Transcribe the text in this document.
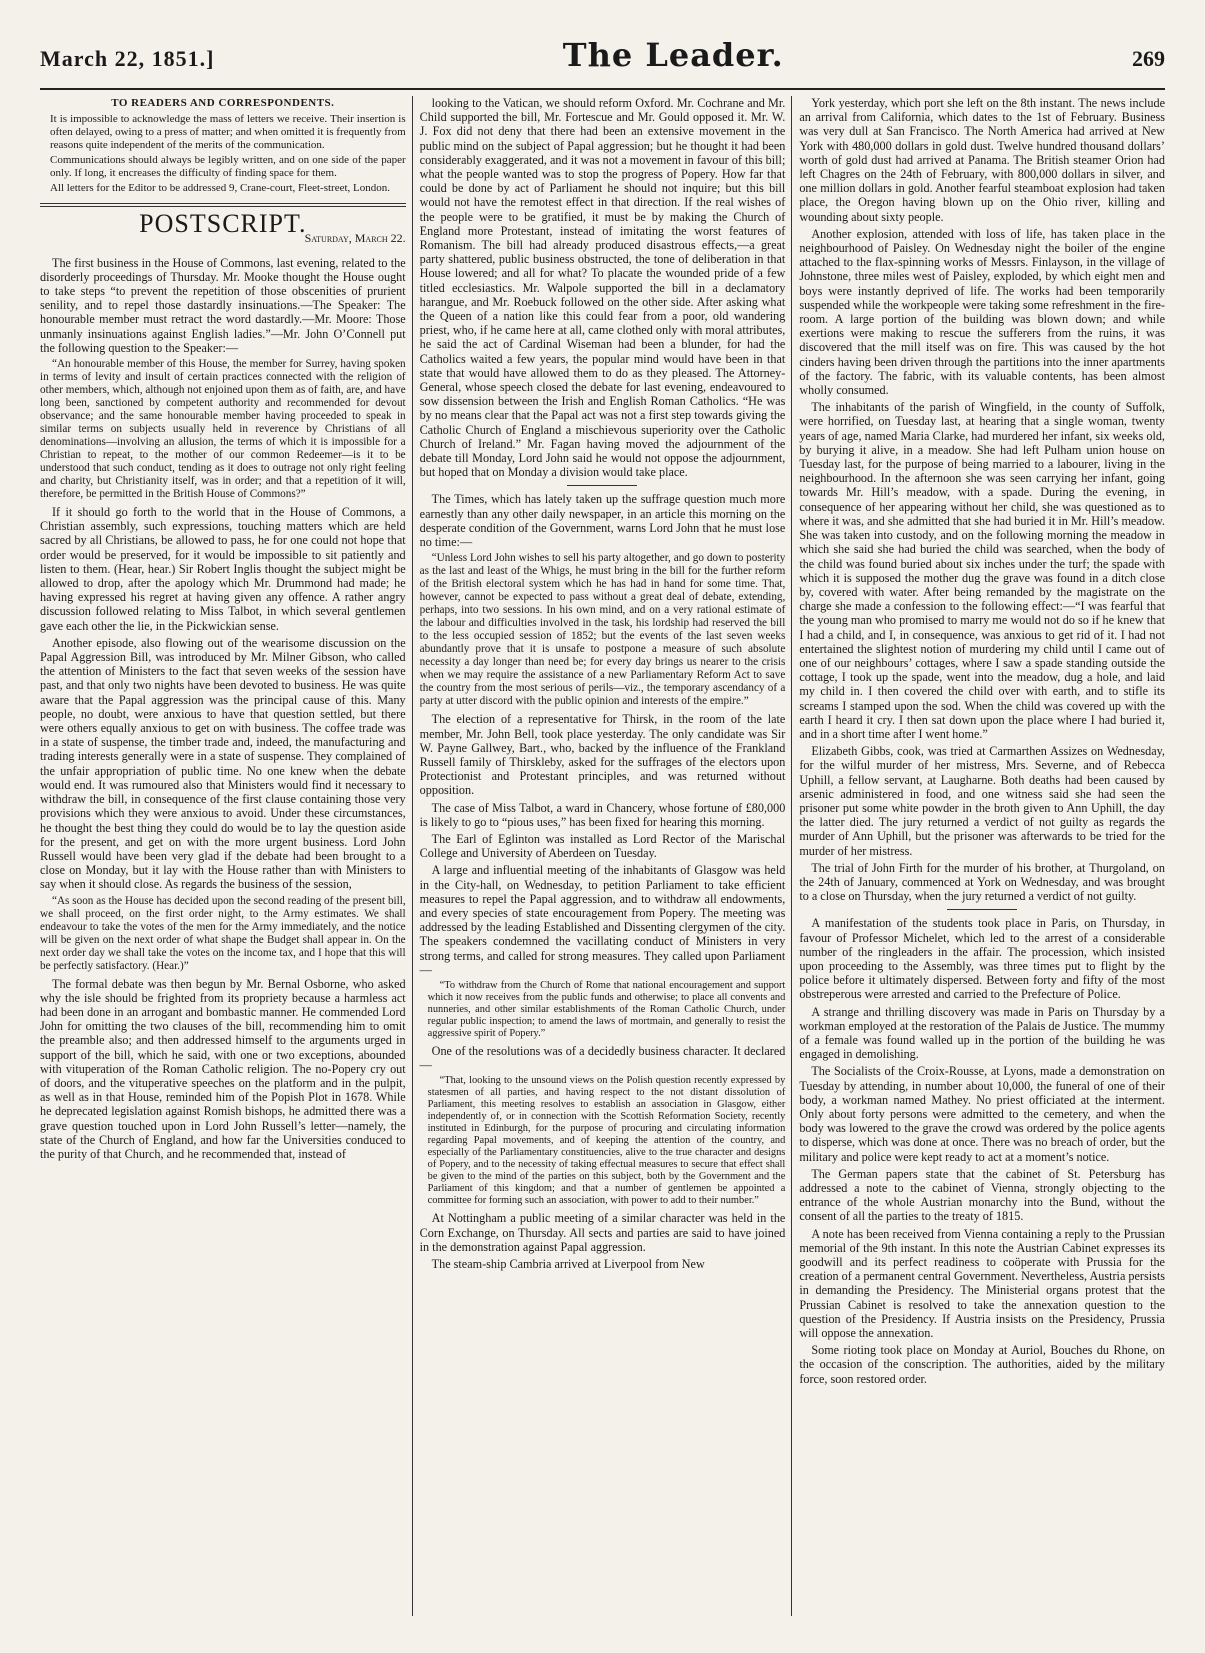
March 22, 1851.]	The Leader.	269

TO READERS AND CORRESPONDENTS.

It is impossible to acknowledge the mass of letters we receive. Their insertion is often delayed, owing to a press of matter; and when omitted it is frequently from reasons quite independent of the merits of the communication.

Communications should always be legibly written, and on one side of the paper only. If long, it encreases the difficulty of finding space for them.

All letters for the Editor to be addressed 9, Crane-court, Fleet-street, London.

POSTSCRIPT.

Saturday, March 22.

The first business in the House of Commons, last evening, related to the disorderly proceedings of Thursday. Mr. Mooke thought the House ought to take steps “to prevent the repetition of those obscenities of prurient senility, and to repel those dastardly insinuations.—The Speaker: The honourable member must retract the word dastardly.—Mr. Moore: Those unmanly insinuations against English ladies.”—Mr. John O’Connell put the following question to the Speaker:—

“An honourable member of this House, the member for Surrey, having spoken in terms of levity and insult of certain practices connected with the religion of other members, which, although not enjoined upon them as of faith, are, and have long been, sanctioned by competent authority and recommended for devout observance; and the same honourable member having proceeded to speak in similar terms on subjects usually held in reverence by Christians of all denominations—involving an allusion, the terms of which it is impossible for a Christian to repeat, to the mother of our common Redeemer—is it to be understood that such conduct, tending as it does to outrage not only right feeling and charity, but Christianity itself, was in order; and that a repetition of it will, therefore, be permitted in the British House of Commons?”

If it should go forth to the world that in the House of Commons, a Christian assembly, such expressions, touching matters which are held sacred by all Christians, be allowed to pass, he for one could not hope that order would be preserved, for it would be impossible to sit patiently and listen to them. (Hear, hear.) Sir Robert Inglis thought the subject might be allowed to drop, after the apology which Mr. Drummond had made; he having expressed his regret at having given any offence. A rather angry discussion followed relating to Miss Talbot, in which several gentlemen gave each other the lie, in the Pickwickian sense.

Another episode, also flowing out of the wearisome discussion on the Papal Aggression Bill, was introduced by Mr. Milner Gibson, who called the attention of Ministers to the fact that seven weeks of the session have past, and that only two nights have been devoted to business. He was quite aware that the Papal aggression was the principal cause of this. Many people, no doubt, were anxious to have that question settled, but there were others equally anxious to get on with business. The coffee trade was in a state of suspense, the timber trade and, indeed, the manufacturing and trading interests generally were in a state of suspense. They complained of the unfair appropriation of public time. No one knew when the debate would end. It was rumoured also that Ministers would find it necessary to withdraw the bill, in consequence of the first clause containing those very provisions which they were anxious to avoid. Under these circumstances, he thought the best thing they could do would be to lay the question aside for the present, and get on with the more urgent business. Lord John Russell would have been very glad if the debate had been brought to a close on Monday, but it lay with the House rather than with Ministers to say when it should close. As regards the business of the session,

“As soon as the House has decided upon the second reading of the present bill, we shall proceed, on the first order night, to the Army estimates. We shall endeavour to take the votes of the men for the Army immediately, and the notice will be given on the next order of what shape the Budget shall appear in. On the next order day we shall take the votes on the income tax, and I hope that this will be perfectly satisfactory. (Hear.)”

The formal debate was then begun by Mr. Bernal Osborne, who asked why the isle should be frighted from its propriety because a harmless act had been done in an arrogant and bombastic manner. He commended Lord John for omitting the two clauses of the bill, recommending him to omit the preamble also; and then addressed himself to the arguments urged in support of the bill, which he said, with one or two exceptions, abounded with vituperation of the Roman Catholic religion. The no-Popery cry out of doors, and the vituperative speeches on the platform and in the pulpit, as well as in that House, reminded him of the Popish Plot in 1678. While he deprecated legislation against Romish bishops, he admitted there was a grave question touched upon in Lord John Russell’s letter—namely, the state of the Church of England, and how far the Universities conduced to the purity of that Church, and he recommended that, instead of

looking to the Vatican, we should reform Oxford. Mr. Cochrane and Mr. Child supported the bill, Mr. Fortescue and Mr. Gould opposed it. Mr. W. J. Fox did not deny that there had been an extensive movement in the public mind on the subject of Papal aggression; but he thought it had been considerably exaggerated, and it was not a movement in favour of this bill; what the people wanted was to stop the progress of Popery. How far that could be done by act of Parliament he should not inquire; but this bill would not have the remotest effect in that direction. If the real wishes of the people were to be gratified, it must be by making the Church of England more Protestant, instead of imitating the worst features of Romanism. The bill had already produced disastrous effects,—a great party shattered, public business obstructed, the tone of deliberation in that House lowered; and all for what? To placate the wounded pride of a few titled ecclesiastics. Mr. Walpole supported the bill in a declamatory harangue, and Mr. Roebuck followed on the other side. After asking what the Queen of a nation like this could fear from a poor, old wandering priest, who, if he came here at all, came clothed only with moral attributes, he said the act of Cardinal Wiseman had been a blunder, for had the Catholics waited a few years, the popular mind would have been in that state that would have allowed them to do as they pleased. The Attorney-General, whose speech closed the debate for last evening, endeavoured to sow dissension between the Irish and English Roman Catholics. “He was by no means clear that the Papal act was not a first step towards giving the Catholic Church of England a mischievous superiority over the Catholic Church of Ireland.” Mr. Fagan having moved the adjournment of the debate till Monday, Lord John said he would not oppose the adjournment, but hoped that on Monday a division would take place.

The Times, which has lately taken up the suffrage question much more earnestly than any other daily newspaper, in an article this morning on the desperate condition of the Government, warns Lord John that he must lose no time:—

“Unless Lord John wishes to sell his party altogether, and go down to posterity as the last and least of the Whigs, he must bring in the bill for the further reform of the British electoral system which he has had in hand for some time. That, however, cannot be expected to pass without a great deal of debate, extending, perhaps, into two sessions. In his own mind, and on a very rational estimate of the labour and difficulties involved in the task, his lordship had reserved the bill to the less occupied session of 1852; but the events of the last seven weeks abundantly prove that it is unsafe to postpone a measure of such absolute necessity a day longer than need be; for every day brings us nearer to the crisis when we may require the assistance of a new Parliamentary Reform Act to save the country from the most serious of perils—viz., the temporary ascendancy of a party at utter discord with the public opinion and interests of the empire.”

The election of a representative for Thirsk, in the room of the late member, Mr. John Bell, took place yesterday. The only candidate was Sir W. Payne Gallwey, Bart., who, backed by the influence of the Frankland Russell family of Thirskleby, asked for the suffrages of the electors upon Protectionist and Protestant principles, and was returned without opposition.

The case of Miss Talbot, a ward in Chancery, whose fortune of £80,000 is likely to go to “pious uses,” has been fixed for hearing this morning.

The Earl of Eglinton was installed as Lord Rector of the Marischal College and University of Aberdeen on Tuesday.

A large and influential meeting of the inhabitants of Glasgow was held in the City-hall, on Wednesday, to petition Parliament to take efficient measures to repel the Papal aggression, and to withdraw all endowments, and every species of state encouragement from Popery. The meeting was addressed by the leading Established and Dissenting clergymen of the city. The speakers condemned the vacillating conduct of Ministers in very strong terms, and called for strong measures. They called upon Parliament—

“To withdraw from the Church of Rome that national encouragement and support which it now receives from the public funds and otherwise; to place all convents and nunneries, and other similar establishments of the Roman Catholic Church, under regular public inspection; to amend the laws of mortmain, and generally to resist the aggressive spirit of Popery.”

One of the resolutions was of a decidedly business character. It declared—

“That, looking to the unsound views on the Polish question recently expressed by statesmen of all parties, and having respect to the not distant dissolution of Parliament, this meeting resolves to establish an association in Glasgow, either independently of, or in connection with the Scottish Reformation Society, recently instituted in Edinburgh, for the purpose of procuring and circulating information regarding Papal movements, and of keeping the attention of the country, and especially of the Parliamentary constituencies, alive to the true character and designs of Popery, and to the necessity of taking effectual measures to secure that effect shall be given to the mind of the parties on this subject, both by the Government and the Parliament of this kingdom; and that a number of gentlemen be appointed a committee for forming such an association, with power to add to their number.”

At Nottingham a public meeting of a similar character was held in the Corn Exchange, on Thursday. All sects and parties are said to have joined in the demonstration against Papal aggression.

The steam-ship Cambria arrived at Liverpool from New

York yesterday, which port she left on the 8th instant. The news include an arrival from California, which dates to the 1st of February. Business was very dull at San Francisco. The North America had arrived at New York with 480,000 dollars in gold dust. Twelve hundred thousand dollars’ worth of gold dust had arrived at Panama. The British steamer Orion had left Chagres on the 24th of February, with 800,000 dollars in silver, and one million dollars in gold. Another fearful steamboat explosion had taken place, the Oregon having blown up on the Ohio river, killing and wounding about sixty people.

Another explosion, attended with loss of life, has taken place in the neighbourhood of Paisley. On Wednesday night the boiler of the engine attached to the flax-spinning works of Messrs. Finlayson, in the village of Johnstone, three miles west of Paisley, exploded, by which eight men and boys were instantly deprived of life. The works had been temporarily suspended while the workpeople were taking some refreshment in the fire-room. A large portion of the building was blown down; and while exertions were making to rescue the sufferers from the ruins, it was discovered that the mill itself was on fire. This was caused by the hot cinders having been driven through the partitions into the inner apartments of the factory. The fabric, with its valuable contents, has been almost wholly consumed.

The inhabitants of the parish of Wingfield, in the county of Suffolk, were horrified, on Tuesday last, at hearing that a single woman, twenty years of age, named Maria Clarke, had murdered her infant, six weeks old, by burying it alive, in a meadow. She had left Pulham union house on Tuesday last, for the purpose of being married to a labourer, living in the neighbourhood. In the afternoon she was seen carrying her infant, going towards Mr. Hill’s meadow, with a spade. During the evening, in consequence of her appearing without her child, she was questioned as to where it was, and she admitted that she had buried it in Mr. Hill’s meadow. She was taken into custody, and on the following morning the meadow in which she said she had buried the child was searched, when the body of the child was found buried about six inches under the turf; the spade with which it is supposed the mother dug the grave was found in a ditch close by, covered with water. After being remanded by the magistrate on the charge she made a confession to the following effect:—“I was fearful that the young man who promised to marry me would not do so if he knew that I had a child, and I, in consequence, was anxious to get rid of it. I had not entertained the slightest notion of murdering my child until I came out of one of our neighbours’ cottages, where I saw a spade standing outside the cottage, I took up the spade, went into the meadow, dug a hole, and laid my child in. I then covered the child over with earth, and to stifle its screams I stamped upon the sod. When the child was covered up with the earth I heard it cry. I then sat down upon the place where I had buried it, and in a short time after I went home.”

Elizabeth Gibbs, cook, was tried at Carmarthen Assizes on Wednesday, for the wilful murder of her mistress, Mrs. Severne, and of Rebecca Uphill, a fellow servant, at Laugharne. Both deaths had been caused by arsenic administered in food, and one witness said she had seen the prisoner put some white powder in the broth given to Ann Uphill, the day the latter died. The jury returned a verdict of not guilty as regards the murder of Ann Uphill, but the prisoner was afterwards to be tried for the murder of her mistress.

The trial of John Firth for the murder of his brother, at Thurgoland, on the 24th of January, commenced at York on Wednesday, and was brought to a close on Thursday, when the jury returned a verdict of not guilty.

A manifestation of the students took place in Paris, on Thursday, in favour of Professor Michelet, which led to the arrest of a considerable number of the ringleaders in the affair. The procession, which insisted upon proceeding to the Assembly, was three times put to flight by the police before it ultimately dispersed. Between forty and fifty of the most obstreperous were arrested and carried to the Prefecture of Police.

A strange and thrilling discovery was made in Paris on Thursday by a workman employed at the restoration of the Palais de Justice. The mummy of a female was found walled up in the portion of the building he was engaged in demolishing.

The Socialists of the Croix-Rousse, at Lyons, made a demonstration on Tuesday by attending, in number about 10,000, the funeral of one of their body, a workman named Mathey. No priest officiated at the interment. Only about forty persons were admitted to the cemetery, and when the body was lowered to the grave the crowd was ordered by the police agents to disperse, which was done at once. There was no breach of order, but the military and police were kept ready to act at a moment’s notice.

The German papers state that the cabinet of St. Petersburg has addressed a note to the cabinet of Vienna, strongly objecting to the entrance of the whole Austrian monarchy into the Bund, without the consent of all the parties to the treaty of 1815.

A note has been received from Vienna containing a reply to the Prussian memorial of the 9th instant. In this note the Austrian Cabinet expresses its goodwill and its perfect readiness to coöperate with Prussia for the creation of a permanent central Government. Nevertheless, Austria persists in demanding the Presidency. The Ministerial organs protest that the Prussian Cabinet is resolved to take the annexation question to the question of the Presidency. If Austria insists on the Presidency, Prussia will oppose the annexation.

Some rioting took place on Monday at Auriol, Bouches du Rhone, on the occasion of the conscription. The authorities, aided by the military force, soon restored order.
